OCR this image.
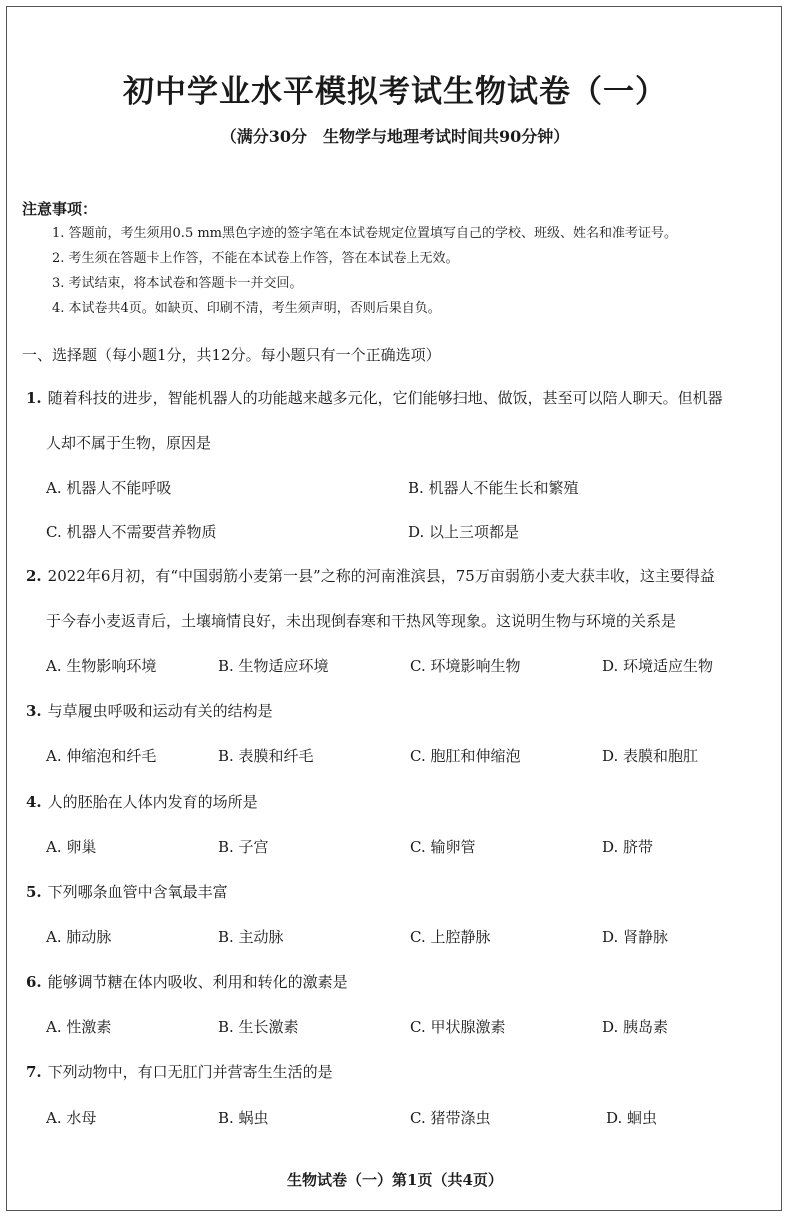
初中学业水平模拟考试生物试卷（一）
（满分30分　生物学与地理考试时间共90分钟）
注意事项：
1. 答题前，考生须用0.5 mm黑色字迹的签字笔在本试卷规定位置填写自己的学校、班级、姓名和准考证号。
2. 考生须在答题卡上作答，不能在本试卷上作答，答在本试卷上无效。
3. 考试结束，将本试卷和答题卡一并交回。
4. 本试卷共4页。如缺页、印刷不清，考生须声明，否则后果自负。
一、选择题（每小题1分，共12分。每小题只有一个正确选项）
1. 随着科技的进步，智能机器人的功能越来越多元化，它们能够扫地、做饭，甚至可以陪人聊天。但机器
人却不属于生物，原因是
A. 机器人不能呼吸	B. 机器人不能生长和繁殖
C. 机器人不需要营养物质	D. 以上三项都是
2. 2022年6月初，有“中国弱筋小麦第一县”之称的河南淮滨县，75万亩弱筋小麦大获丰收，这主要得益
于今春小麦返青后，土壤墒情良好，未出现倒春寒和干热风等现象。这说明生物与环境的关系是
A. 生物影响环境	B. 生物适应环境	C. 环境影响生物	D. 环境适应生物
3. 与草履虫呼吸和运动有关的结构是
A. 伸缩泡和纤毛	B. 表膜和纤毛	C. 胞肛和伸缩泡	D. 表膜和胞肛
4. 人的胚胎在人体内发育的场所是
A. 卵巢	B. 子宫	C. 输卵管	D. 脐带
5. 下列哪条血管中含氧最丰富
A. 肺动脉	B. 主动脉	C. 上腔静脉	D. 肾静脉
6. 能够调节糖在体内吸收、利用和转化的激素是
A. 性激素	B. 生长激素	C. 甲状腺激素	D. 胰岛素
7. 下列动物中，有口无肛门并营寄生生活的是
A. 水母	B. 蜗虫	C. 猪带涤虫	D. 蛔虫
生物试卷（一）第1页（共4页）
